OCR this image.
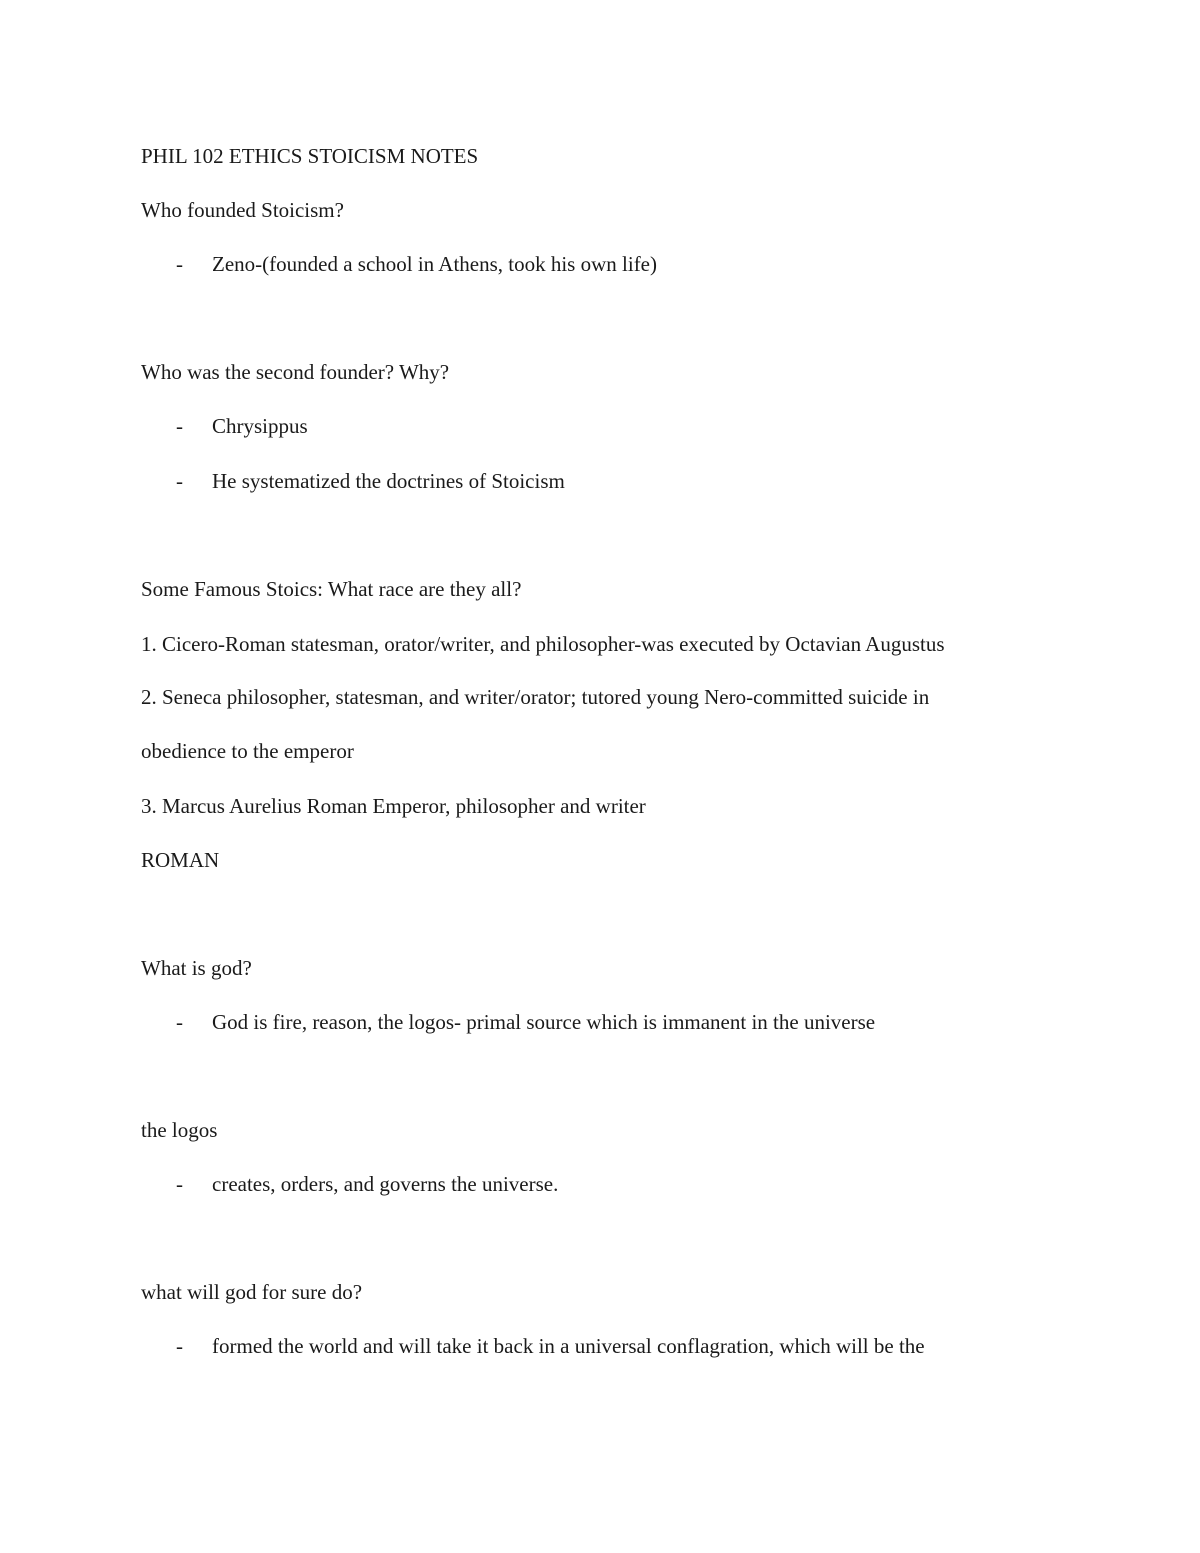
PHIL 102 ETHICS STOICISM NOTES
Who founded Stoicism?
- Zeno-(founded a school in Athens, took his own life)
Who was the second founder? Why?
- Chrysippus
- He systematized the doctrines of Stoicism
Some Famous Stoics: What race are they all?
1. Cicero-Roman statesman, orator/writer, and philosopher-was executed by Octavian Augustus
2. Seneca philosopher, statesman, and writer/orator; tutored young Nero-committed suicide in
obedience to the emperor
3. Marcus Aurelius Roman Emperor, philosopher and writer
ROMAN
What is god?
- God is fire, reason, the logos- primal source which is immanent in the universe
the logos
- creates, orders, and governs the universe.
what will god for sure do?
- formed the world and will take it back in a universal conflagration, which will be the
